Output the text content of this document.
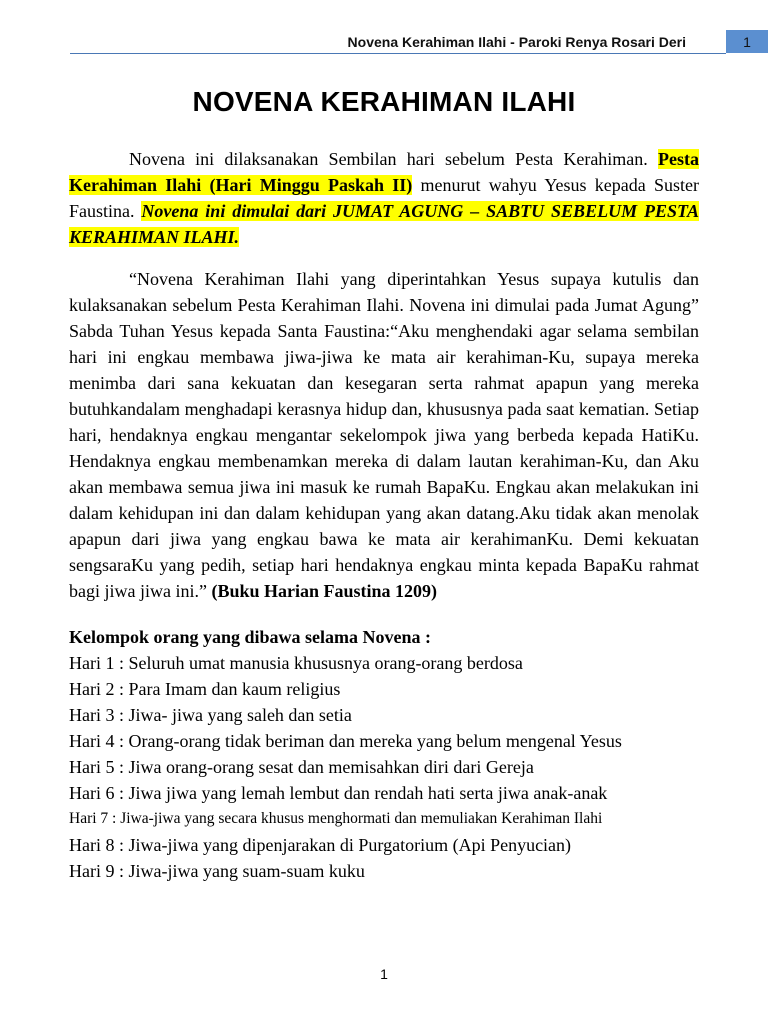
Novena Kerahiman Ilahi - Paroki Renya Rosari Deri	1
NOVENA KERAHIMAN ILAHI

Novena ini dilaksanakan Sembilan hari sebelum Pesta Kerahiman. Pesta Kerahiman Ilahi (Hari Minggu Paskah II) menurut wahyu Yesus kepada Suster Faustina. Novena ini dimulai dari JUMAT AGUNG – SABTU SEBELUM PESTA KERAHIMAN ILAHI.

“Novena Kerahiman Ilahi yang diperintahkan Yesus supaya kutulis dan kulaksanakan sebelum Pesta Kerahiman Ilahi. Novena ini dimulai pada Jumat Agung” Sabda Tuhan Yesus kepada Santa Faustina:“Aku menghendaki agar selama sembilan hari ini engkau membawa jiwa-jiwa ke mata air kerahiman-Ku, supaya mereka menimba dari sana kekuatan dan kesegaran serta rahmat apapun yang mereka butuhkandalam menghadapi kerasnya hidup dan, khususnya pada saat kematian. Setiap hari, hendaknya engkau mengantar sekelompok jiwa yang berbeda kepada HatiKu. Hendaknya engkau membenamkan mereka di dalam lautan kerahiman-Ku, dan Aku akan membawa semua jiwa ini masuk ke rumah BapaKu. Engkau akan melakukan ini dalam kehidupan ini dan dalam kehidupan yang akan datang.Aku tidak akan menolak apapun dari jiwa yang engkau bawa ke mata air kerahimanKu. Demi kekuatan sengsaraKu yang pedih, setiap hari hendaknya engkau minta kepada BapaKu rahmat bagi jiwa jiwa ini.” (Buku Harian Faustina 1209)

Kelompok orang yang dibawa selama Novena :
Hari 1 : Seluruh umat manusia khususnya orang-orang berdosa
Hari 2 : Para Imam dan kaum religius
Hari 3 : Jiwa- jiwa yang saleh dan setia
Hari 4 : Orang-orang tidak beriman dan mereka yang belum mengenal Yesus
Hari 5 : Jiwa orang-orang sesat dan memisahkan diri dari Gereja
Hari 6 : Jiwa jiwa yang lemah lembut dan rendah hati serta jiwa anak-anak
Hari 7 : Jiwa-jiwa yang secara khusus menghormati dan memuliakan Kerahiman Ilahi
Hari 8 : Jiwa-jiwa yang dipenjarakan di Purgatorium (Api Penyucian)
Hari 9 : Jiwa-jiwa yang suam-suam kuku
1
